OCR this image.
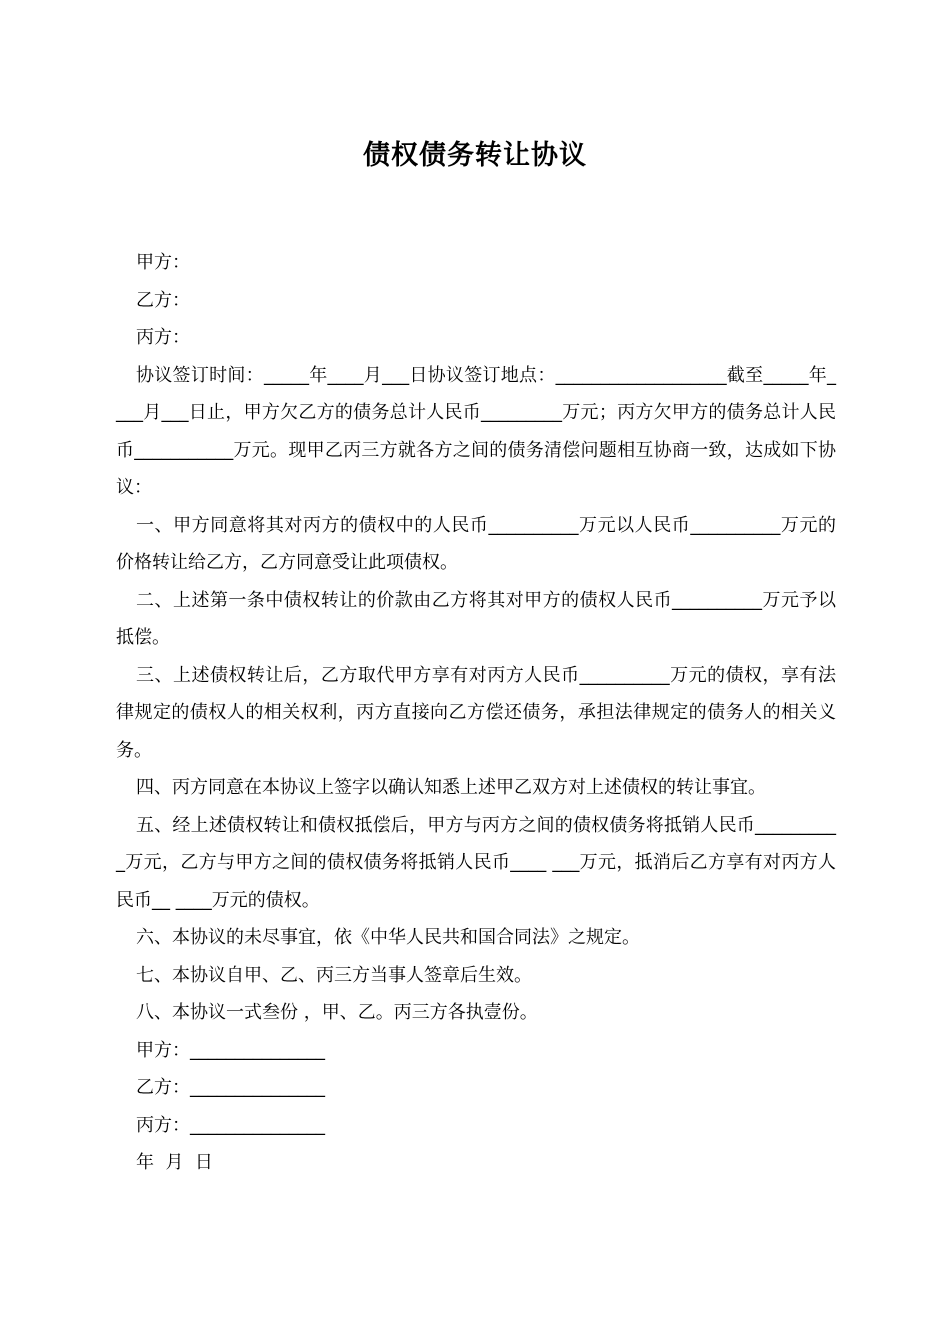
债权债务转让协议

甲方：

乙方：

丙方：

协议签订时间：_____年____月___日协议签订地点：___________________截至_____年____月___日止，甲方欠乙方的债务总计人民币_________万元；丙方欠甲方的债务总计人民币___________万元。现甲乙丙三方就各方之间的债务清偿问题相互协商一致，达成如下协议：

一、甲方同意将其对丙方的债权中的人民币__________万元以人民币__________万元的价格转让给乙方，乙方同意受让此项债权。

二、上述第一条中债权转让的价款由乙方将其对甲方的债权人民币__________万元予以抵偿。

三、上述债权转让后，乙方取代甲方享有对丙方人民币__________万元的债权，享有法律规定的债权人的相关权利，丙方直接向乙方偿还债务，承担法律规定的债务人的相关义务。

四、丙方同意在本协议上签字以确认知悉上述甲乙双方对上述债权的转让事宜。

五、经上述债权转让和债权抵偿后，甲方与丙方之间的债权债务将抵销人民币__________万元，乙方与甲方之间的债权债务将抵销人民币____ ___万元，抵消后乙方享有对丙方人民币__ ____万元的债权。

六、本协议的未尽事宜，依《中华人民共和国合同法》之规定。

七、本协议自甲、乙、丙三方当事人签章后生效。

八、本协议一式叁份 ，甲、乙。丙三方各执壹份。

甲方：_______________

乙方：_______________

丙方：_______________

年  月  日
